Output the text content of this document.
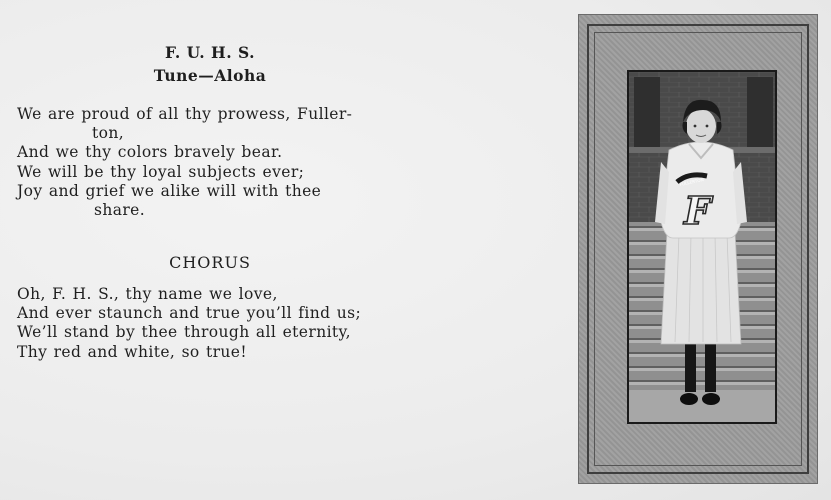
F. U. H. S.
Tune—Aloha
We are proud of all thy prowess, Fuller-
ton,
And we thy colors bravely bear.
We will be thy loyal subjects ever;
Joy and grief we alike will with thee
share.
CHORUS
Oh, F. H. S., thy name we love,
And ever staunch and true you’ll find us;
We’ll stand by thee through all eternity,
Thy red and white, so true!
FULLERTON
F
